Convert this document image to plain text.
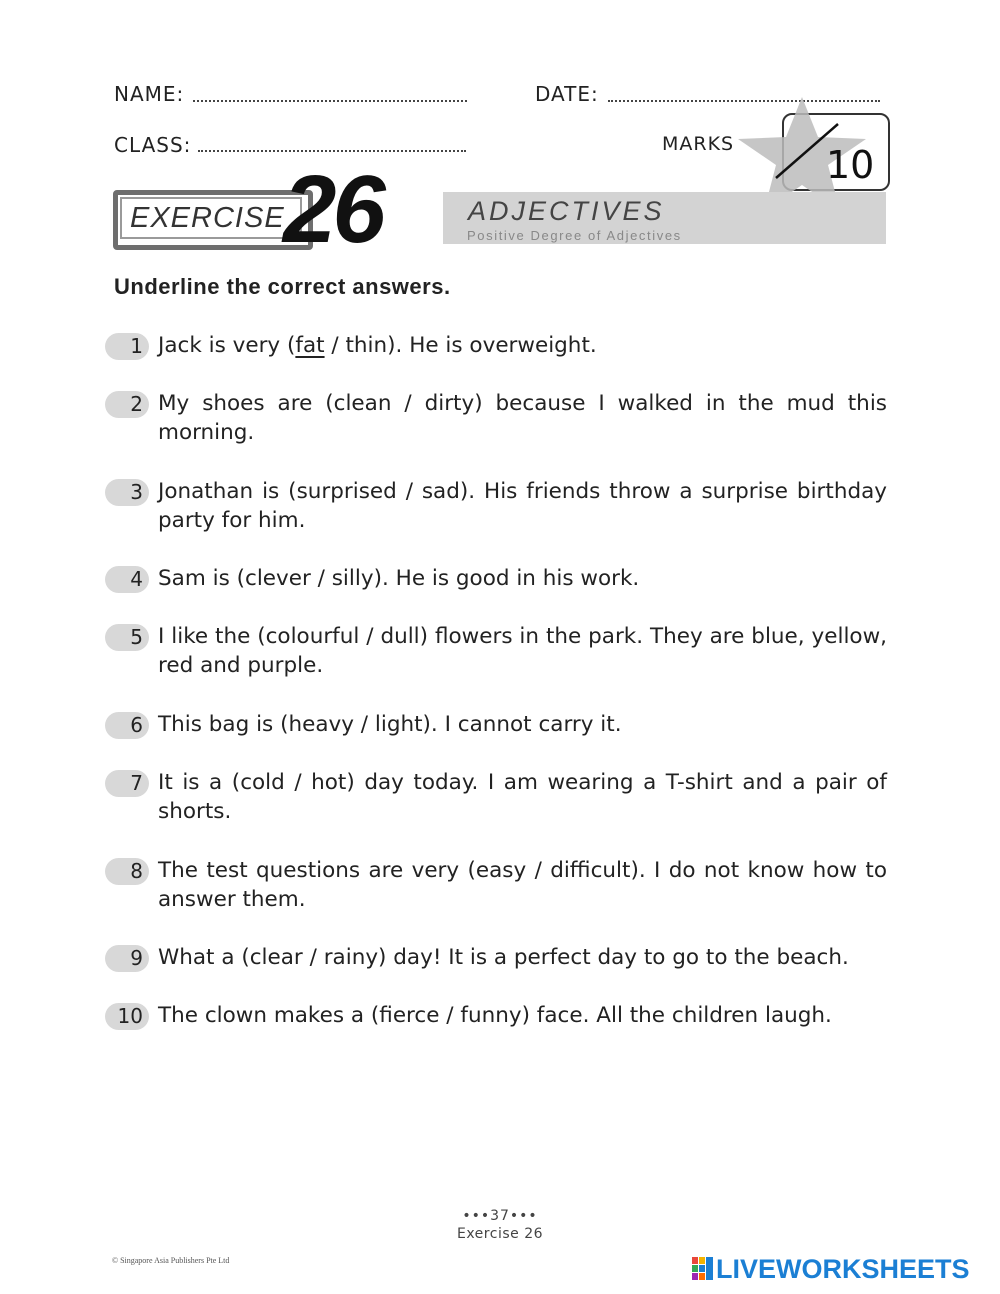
NAME:	DATE:
CLASS:	MARKS 10
EXERCISE
26	ADJECTIVES
Positive Degree of Adjectives
Underline the correct answers.
1 Jack is very (fat / thin). He is overweight.
2 My shoes are (clean / dirty) because I walked in the mud this morning.
3 Jonathan is (surprised / sad). His friends throw a surprise birthday party for him.
4 Sam is (clever / silly). He is good in his work.
5 I like the (colourful / dull) flowers in the park. They are blue, yellow, red and purple.
6 This bag is (heavy / light). I cannot carry it.
7 It is a (cold / hot) day today. I am wearing a T-shirt and a pair of shorts.
8 The test questions are very (easy / difficult). I do not know how to answer them.
9 What a (clear / rainy) day! It is a perfect day to go to the beach.
10 The clown makes a (fierce / funny) face. All the children laugh.
•••37•••
Exercise 26
© Singapore Asia Publishers Pte Ltd	LIVEWORKSHEETS
